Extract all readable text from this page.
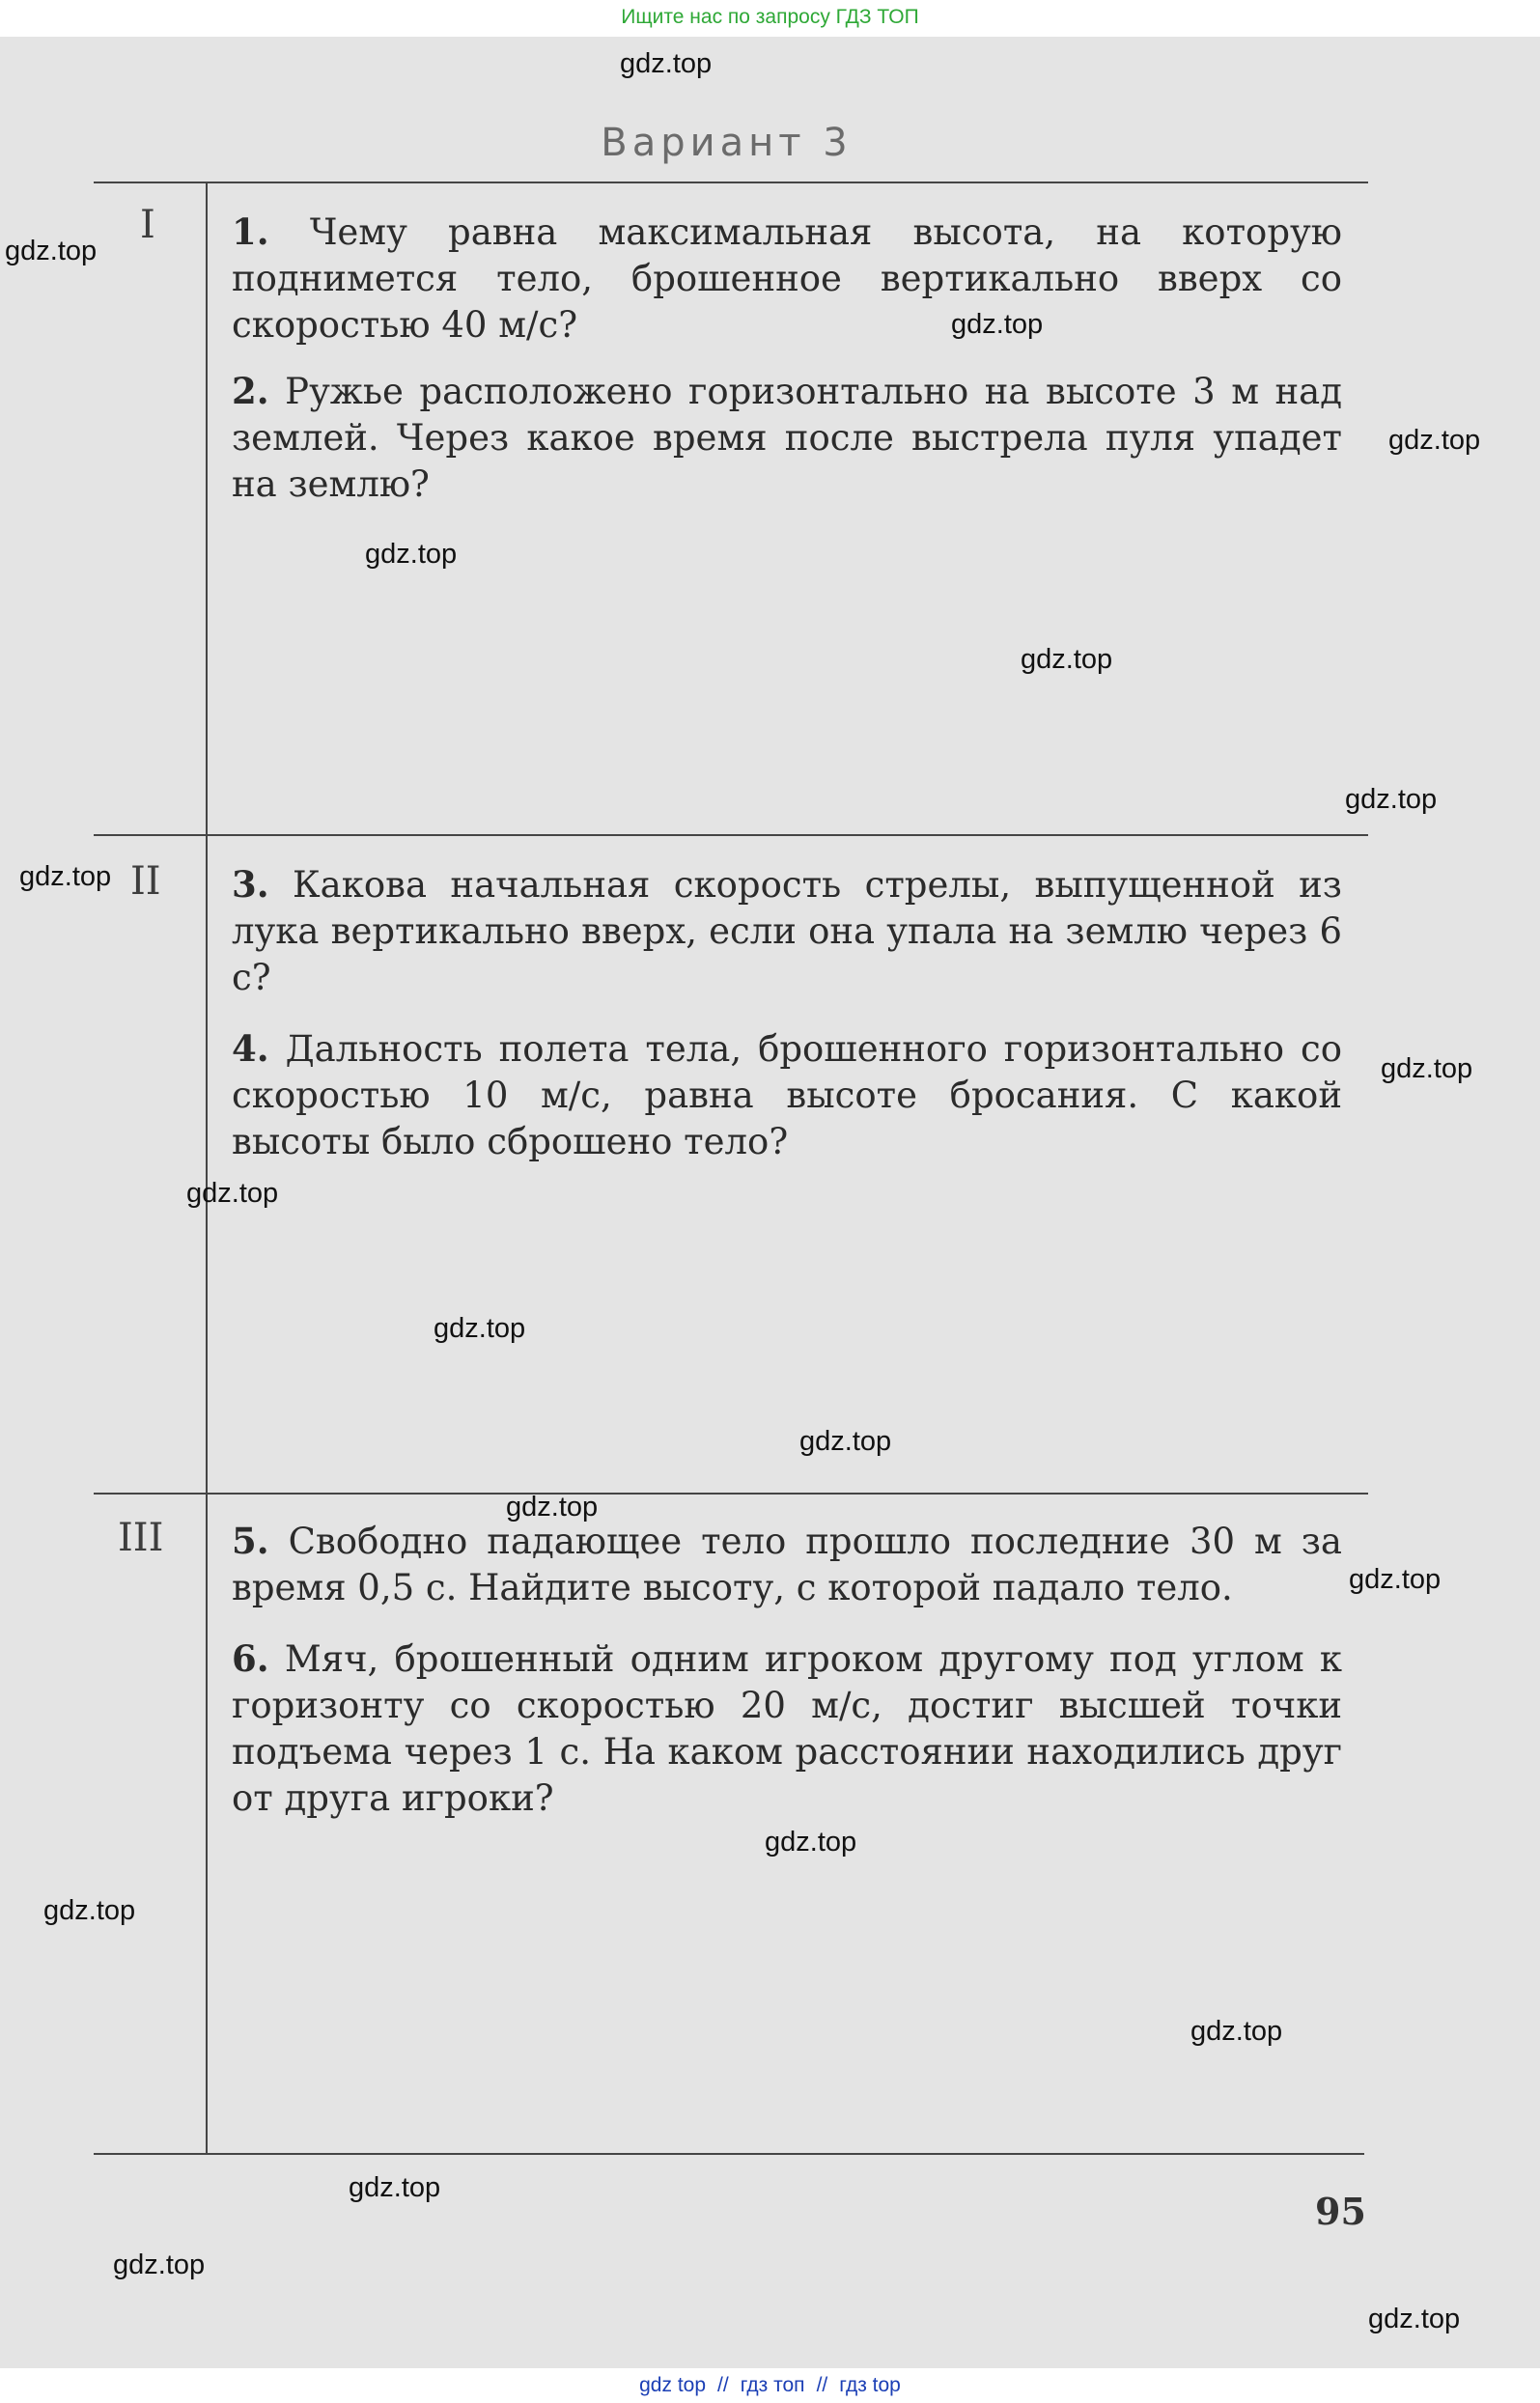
Ищите нас по запросу ГДЗ ТОП
Вариант 3
I 1. Чему равна максимальная высота, на которую поднимется тело, брошенное вертикально вверх со скоростью 40 м/с?

2. Ружье расположено горизонтально на высоте 3 м над землей. Через какое время после выстрела пуля упадет на землю?

II 3. Какова начальная скорость стрелы, выпущенной из лука вертикально вверх, если она упала на землю через 6 с?

4. Дальность полета тела, брошенного горизонтально со скоростью 10 м/с, равна высоте бросания. С какой высоты было сброшено тело?

III 5. Свободно падающее тело прошло последние 30 м за время 0,5 с. Найдите высоту, с которой падало тело.

6. Мяч, брошенный одним игроком другому под углом к горизонту со скоростью 20 м/с, достиг высшей точки подъема через 1 с. На каком расстоянии находились друг от друга игроки?

95
gdz.top
gdz.top
gdz.top
gdz.top
gdz.top
gdz.top
gdz.top
gdz.top
gdz.top
gdz.top
gdz.top
gdz.top
gdz.top
gdz.top
gdz.top
gdz.top
gdz.top
gdz.top
gdz.top
gdz.top
gdz top // гдз топ // гдз top
